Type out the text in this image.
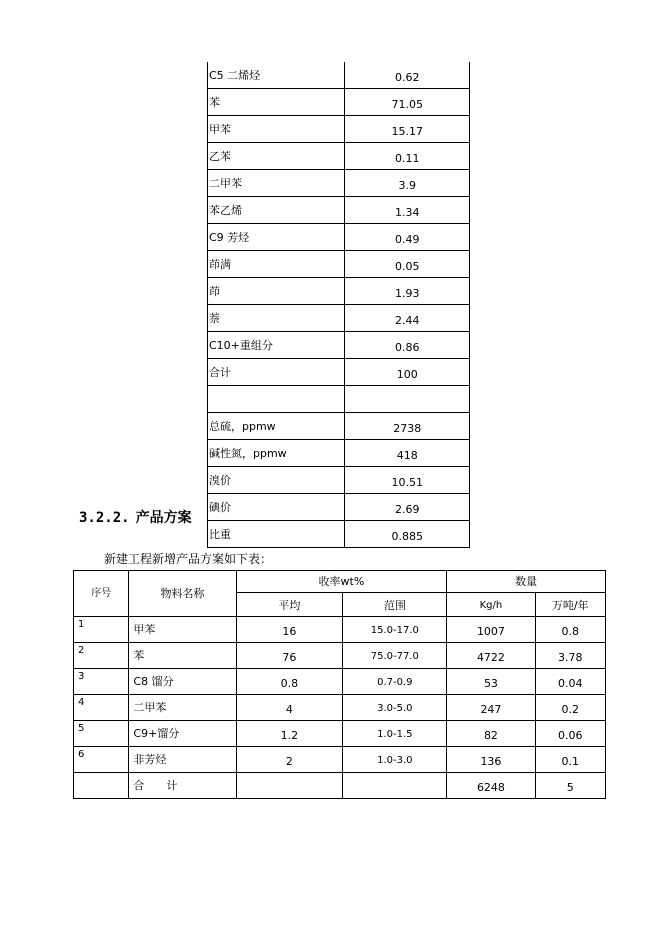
C5 二烯烃	0.62
苯	71.05
甲苯	15.17
乙苯	0.11
二甲苯	3.9
苯乙烯	1.34
C9 芳烃	0.49
茚满	0.05
茚	1.93
萘	2.44
C10+重组分	0.86
合计	100

总硫，ppmw	2738
碱性氮，ppmw	418
溴价	10.51
碘价	2.69
比重	0.885
3.2.2. 产品方案
新建工程新增产品方案如下表：
序号	物料名称	收率wt%		数量	
		平均	范围	Kg/h	万吨/年
1	甲苯	16	15.0-17.0	1007	0.8
2	苯	76	75.0-77.0	4722	3.78
3	C8 馏分	0.8	0.7-0.9	53	0.04
4	二甲苯	4	3.0-5.0	247	0.2
5	C9+馏分	1.2	1.0-1.5	82	0.06
6	非芳烃	2	1.0-3.0	136	0.1
	合 计			6248	5
